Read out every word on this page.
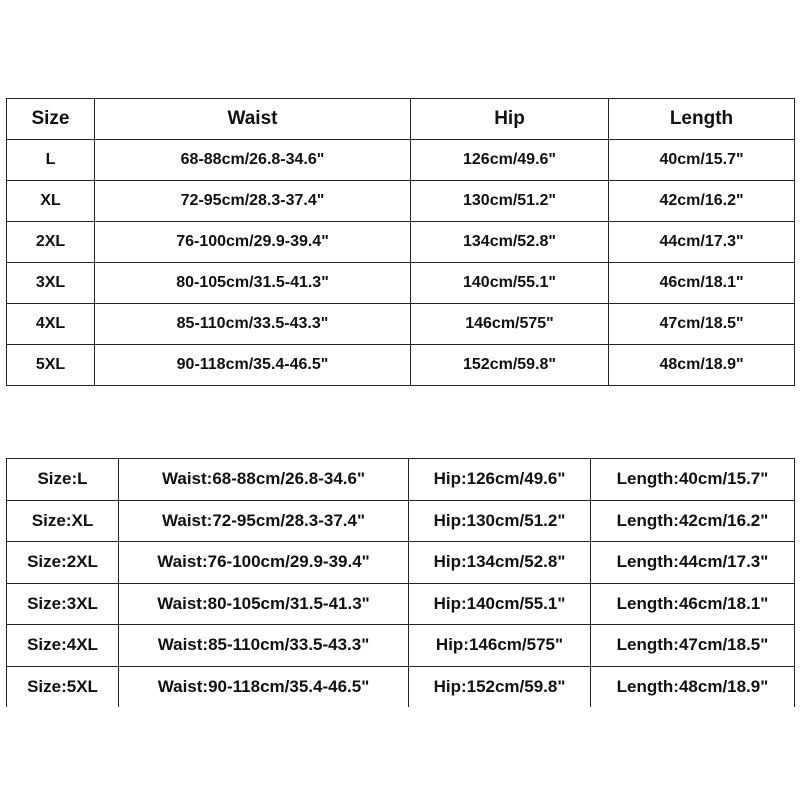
Size	Waist	Hip	Length
L	68-88cm/26.8-34.6"	126cm/49.6"	40cm/15.7"
XL	72-95cm/28.3-37.4"	130cm/51.2"	42cm/16.2"
2XL	76-100cm/29.9-39.4"	134cm/52.8"	44cm/17.3"
3XL	80-105cm/31.5-41.3"	140cm/55.1"	46cm/18.1"
4XL	85-110cm/33.5-43.3"	146cm/575"	47cm/18.5"
5XL	90-118cm/35.4-46.5"	152cm/59.8"	48cm/18.9"
Size:L	Waist:68-88cm/26.8-34.6"	Hip:126cm/49.6"	Length:40cm/15.7"
Size:XL	Waist:72-95cm/28.3-37.4"	Hip:130cm/51.2"	Length:42cm/16.2"
Size:2XL	Waist:76-100cm/29.9-39.4"	Hip:134cm/52.8"	Length:44cm/17.3"
Size:3XL	Waist:80-105cm/31.5-41.3"	Hip:140cm/55.1"	Length:46cm/18.1"
Size:4XL	Waist:85-110cm/33.5-43.3"	Hip:146cm/575"	Length:47cm/18.5"
Size:5XL	Waist:90-118cm/35.4-46.5"	Hip:152cm/59.8"	Length:48cm/18.9"
